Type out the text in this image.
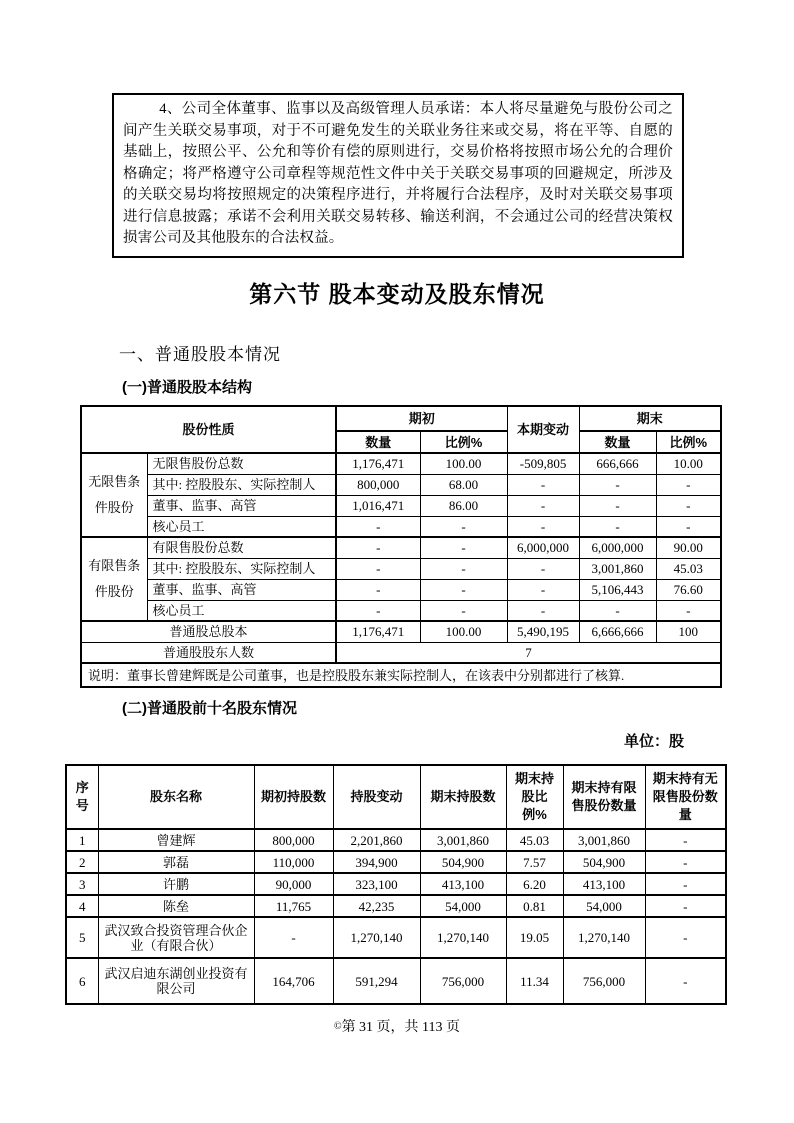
4、公司全体董事、监事以及高级管理人员承诺：本人将尽量避免与股份公司之间产生关联交易事项，对于不可避免发生的关联业务往来或交易，将在平等、自愿的基础上，按照公平、公允和等价有偿的原则进行，交易价格将按照市场公允的合理价格确定；将严格遵守公司章程等规范性文件中关于关联交易事项的回避规定，所涉及的关联交易均将按照规定的决策程序进行，并将履行合法程序，及时对关联交易事项进行信息披露；承诺不会利用关联交易转移、输送利润，不会通过公司的经营决策权损害公司及其他股东的合法权益。

第六节 股本变动及股东情况
一、普通股股本情况
(一)普通股股本结构
股份性质		期初		本期变动	期末	
		数量	比例%		数量	比例%
无限售条件股份	无限售股份总数	1,176,471	100.00	-509,805	666,666	10.00
	其中: 控股股东、实际控制人	800,000	68.00	-	-	-
	董事、监事、高管	1,016,471	86.00	-	-	-
	核心员工	-	-	-	-	-
有限售条件股份	有限售股份总数	-	-	6,000,000	6,000,000	90.00
	其中: 控股股东、实际控制人	-	-	-	3,001,860	45.03
	董事、监事、高管	-	-	-	5,106,443	76.60
	核心员工	-	-	-	-	-
普通股总股本		1,176,471	100.00	5,490,195	6,666,666	100
普通股股东人数		7				
说明：董事长曾建辉既是公司董事，也是控股股东兼实际控制人，在该表中分别都进行了核算.						
(二)普通股前十名股东情况
单位：股
序号	股东名称	期初持股数	持股变动	期末持股数	期末持股比例%	期末持有限售股份数量	期末持有无限售股份数量
1	曾建辉	800,000	2,201,860	3,001,860	45.03	3,001,860	-
2	郭磊	110,000	394,900	504,900	7.57	504,900	-
3	许鹏	90,000	323,100	413,100	6.20	413,100	-
4	陈垒	11,765	42,235	54,000	0.81	54,000	-
5	武汉致合投资管理合伙企业（有限合伙）	-	1,270,140	1,270,140	19.05	1,270,140	-
6	武汉启迪东湖创业投资有限公司	164,706	591,294	756,000	11.34	756,000	-
©第 31 页，共 113 页
